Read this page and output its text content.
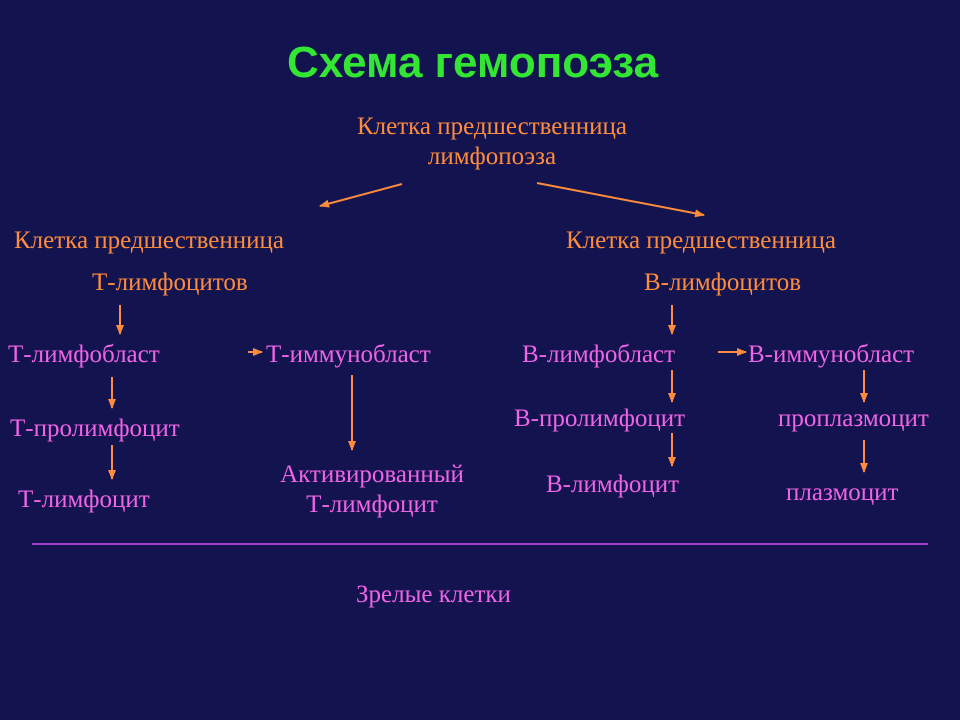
Схема гемопоэза
Клетка предшественница
лимфопоэза
Клетка предшественница
Т-лимфоцитов
Клетка предшественница
В-лимфоцитов
Т-лимфобласт	Т-иммунобласт
Т-пролимфоцит
Т-лимфоцит
Активированный
Т-лимфоцит
В-лимфобласт	В-иммунобласт
В-пролимфоцит	проплазмоцит
В-лимфоцит	плазмоцит
Зрелые клетки
